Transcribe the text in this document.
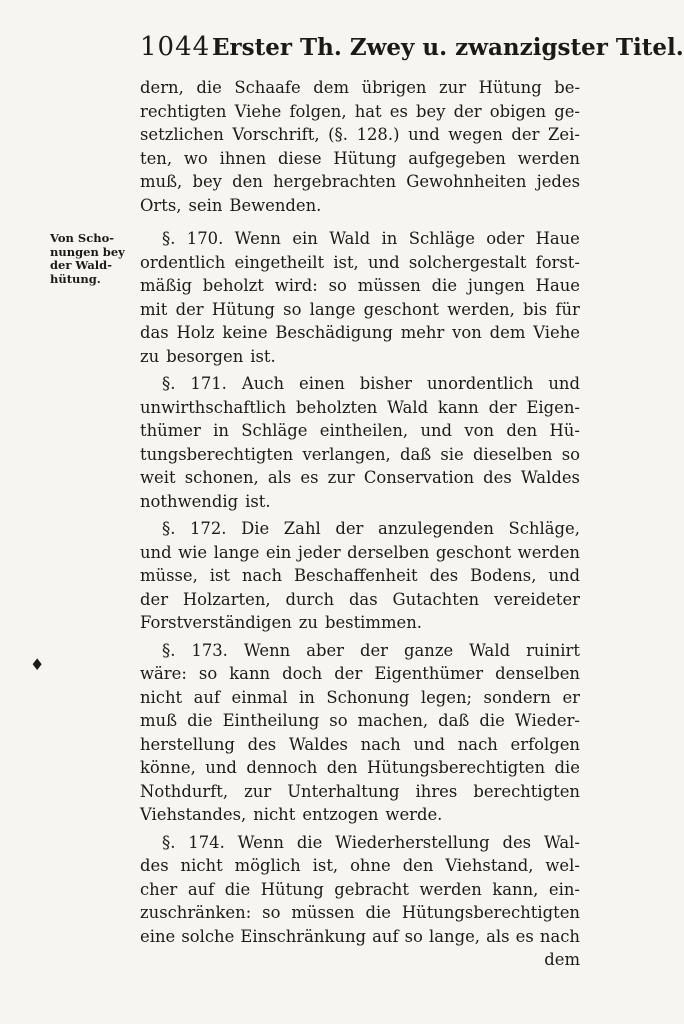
1044 Erster Th. Zwey u. zwanzigster Titel.
Von Scho-
nungen bey
der Wald-
hütung.
♦
dern, die Schaafe dem übrigen zur Hütung be-
rechtigten Viehe folgen, hat es bey der obigen ge-
setzlichen Vorschrift, (§. 128.) und wegen der Zei-
ten, wo ihnen diese Hütung aufgegeben werden
muß, bey den hergebrachten Gewohnheiten jedes
Orts, sein Bewenden.
§. 170. Wenn ein Wald in Schläge oder Haue
ordentlich eingetheilt ist, und solchergestalt forst-
mäßig beholzt wird: so müssen die jungen Haue
mit der Hütung so lange geschont werden, bis für
das Holz keine Beschädigung mehr von dem Viehe
zu besorgen ist.
§. 171. Auch einen bisher unordentlich und
unwirthschaftlich beholzten Wald kann der Eigen-
thümer in Schläge eintheilen, und von den Hü-
tungsberechtigten verlangen, daß sie dieselben so
weit schonen, als es zur Conservation des Waldes
nothwendig ist.
§. 172. Die Zahl der anzulegenden Schläge,
und wie lange ein jeder derselben geschont werden
müsse, ist nach Beschaffenheit des Bodens, und
der Holzarten, durch das Gutachten vereideter
Forstverständigen zu bestimmen.
§. 173. Wenn aber der ganze Wald ruinirt
wäre: so kann doch der Eigenthümer denselben
nicht auf einmal in Schonung legen; sondern er
muß die Eintheilung so machen, daß die Wieder-
herstellung des Waldes nach und nach erfolgen
könne, und dennoch den Hütungsberechtigten die
Nothdurft, zur Unterhaltung ihres berechtigten
Viehstandes, nicht entzogen werde.
§. 174. Wenn die Wiederherstellung des Wal-
des nicht möglich ist, ohne den Viehstand, wel-
cher auf die Hütung gebracht werden kann, ein-
zuschränken: so müssen die Hütungsberechtigten
eine solche Einschränkung auf so lange, als es nach
dem
